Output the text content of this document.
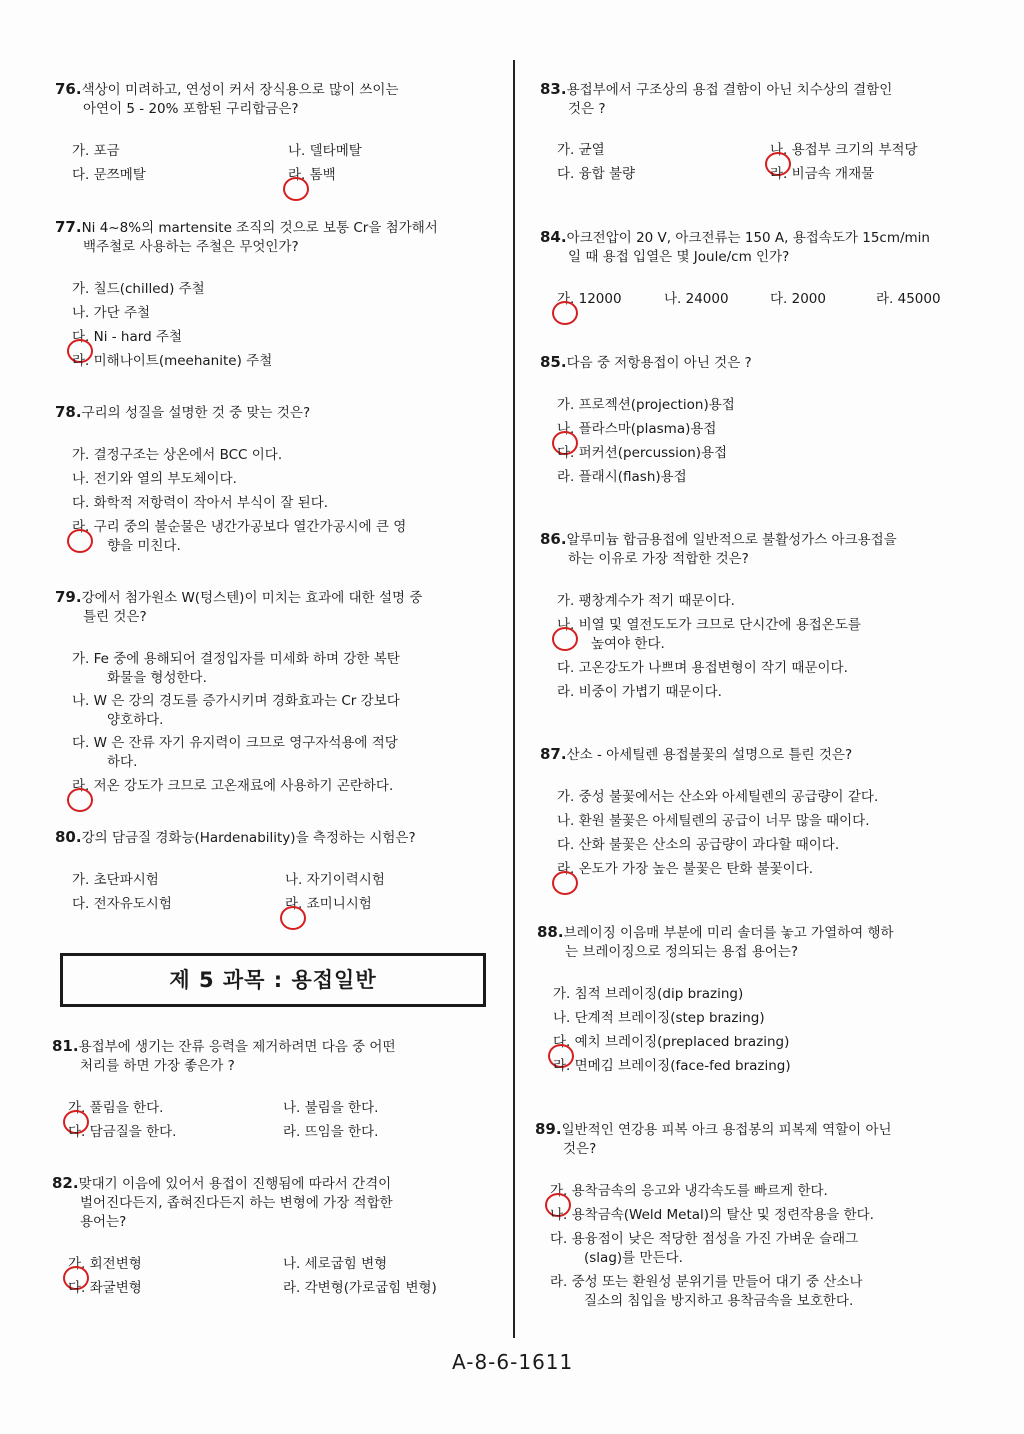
76.색상이 미려하고, 연성이 커서 장식용으로 많이 쓰이는
아연이 5 - 20% 포함된 구리합금은?
가. 포금	나. 델타메탈
다. 문쯔메탈	라. 톰백
77.Ni 4~8%의 martensite 조직의 것으로 보통 Cr을 첨가해서
백주철로 사용하는 주철은 무엇인가?
가. 칠드(chilled) 주철
나. 가단 주철
다. Ni - hard 주철
라. 미해나이트(meehanite) 주철
78.구리의 성질을 설명한 것 중 맞는 것은?
가. 결정구조는 상온에서 BCC 이다.
나. 전기와 열의 부도체이다.
다. 화학적 저항력이 작아서 부식이 잘 된다.
라. 구리 중의 불순물은 냉간가공보다 열간가공시에 큰 영
향을 미친다.
79.강에서 첨가원소 W(텅스텐)이 미치는 효과에 대한 설명 중
틀린 것은?
가. Fe 중에 용해되어 결정입자를 미세화 하며 강한 복탄
화물을 형성한다.
나. W 은 강의 경도를 증가시키며 경화효과는 Cr 강보다
양호하다.
다. W 은 잔류 자기 유지력이 크므로 영구자석용에 적당
하다.
라. 저온 강도가 크므로 고온재료에 사용하기 곤란하다.
80.강의 담금질 경화능(Hardenability)을 측정하는 시험은?
가. 초단파시험	나. 자기이력시험
다. 전자유도시험	라. 죠미니시험
제 5 과목 : 용접일반
81.용접부에 생기는 잔류 응력을 제거하려면 다음 중 어떤
처리를 하면 가장 좋은가 ?
가. 풀림을 한다.	나. 불림을 한다.
다. 담금질을 한다.	라. 뜨임을 한다.
82.맞대기 이음에 있어서 용접이 진행됨에 따라서 간격이
벌어진다든지, 좁혀진다든지 하는 변형에 가장 적합한
용어는?
가. 회전변형	나. 세로굽힘 변형
다. 좌굴변형	라. 각변형(가로굽힘 변형)
83.용접부에서 구조상의 용접 결함이 아닌 치수상의 결함인
것은 ?
가. 균열	나. 용접부 크기의 부적당
다. 융합 불량	라. 비금속 개재물
84.아크전압이 20 V, 아크전류는 150 A, 용접속도가 15cm/min
일 때 용접 입열은 몇 Joule/cm 인가?
가. 12000	나. 24000	다. 2000	라. 45000
85.다음 중 저항용접이 아닌 것은 ?
가. 프로젝션(projection)용접
나. 플라스마(plasma)용접
다. 퍼커션(percussion)용접
라. 플래시(flash)용접
86.알루미늄 합금용접에 일반적으로 불활성가스 아크용접을
하는 이유로 가장 적합한 것은?
가. 팽창계수가 적기 때문이다.
나. 비열 및 열전도도가 크므로 단시간에 용접온도를
높여야 한다.
다. 고온강도가 나쁘며 용접변형이 작기 때문이다.
라. 비중이 가볍기 때문이다.
87.산소 - 아세틸렌 용접불꽃의 설명으로 틀린 것은?
가. 중성 불꽃에서는 산소와 아세틸렌의 공급량이 같다.
나. 환원 불꽃은 아세틸렌의 공급이 너무 많을 때이다.
다. 산화 불꽃은 산소의 공급량이 과다할 때이다.
라. 온도가 가장 높은 불꽃은 탄화 불꽃이다.
88.브레이징 이음매 부분에 미리 솔더를 놓고 가열하여 행하
는 브레이징으로 정의되는 용접 용어는?
가. 침적 브레이징(dip brazing)
나. 단계적 브레이징(step brazing)
다. 예치 브레이징(preplaced brazing)
라. 면메김 브레이징(face-fed brazing)
89.일반적인 연강용 피복 아크 용접봉의 피복제 역할이 아닌
것은?
가. 용착금속의 응고와 냉각속도를 빠르게 한다.
나. 용착금속(Weld Metal)의 탈산 및 정련작용을 한다.
다. 용융점이 낮은 적당한 점성을 가진 가벼운 슬래그
(slag)를 만든다.
라. 중성 또는 환원성 분위기를 만들어 대기 중 산소나
질소의 침입을 방지하고 용착금속을 보호한다.
A-8-6-1611
